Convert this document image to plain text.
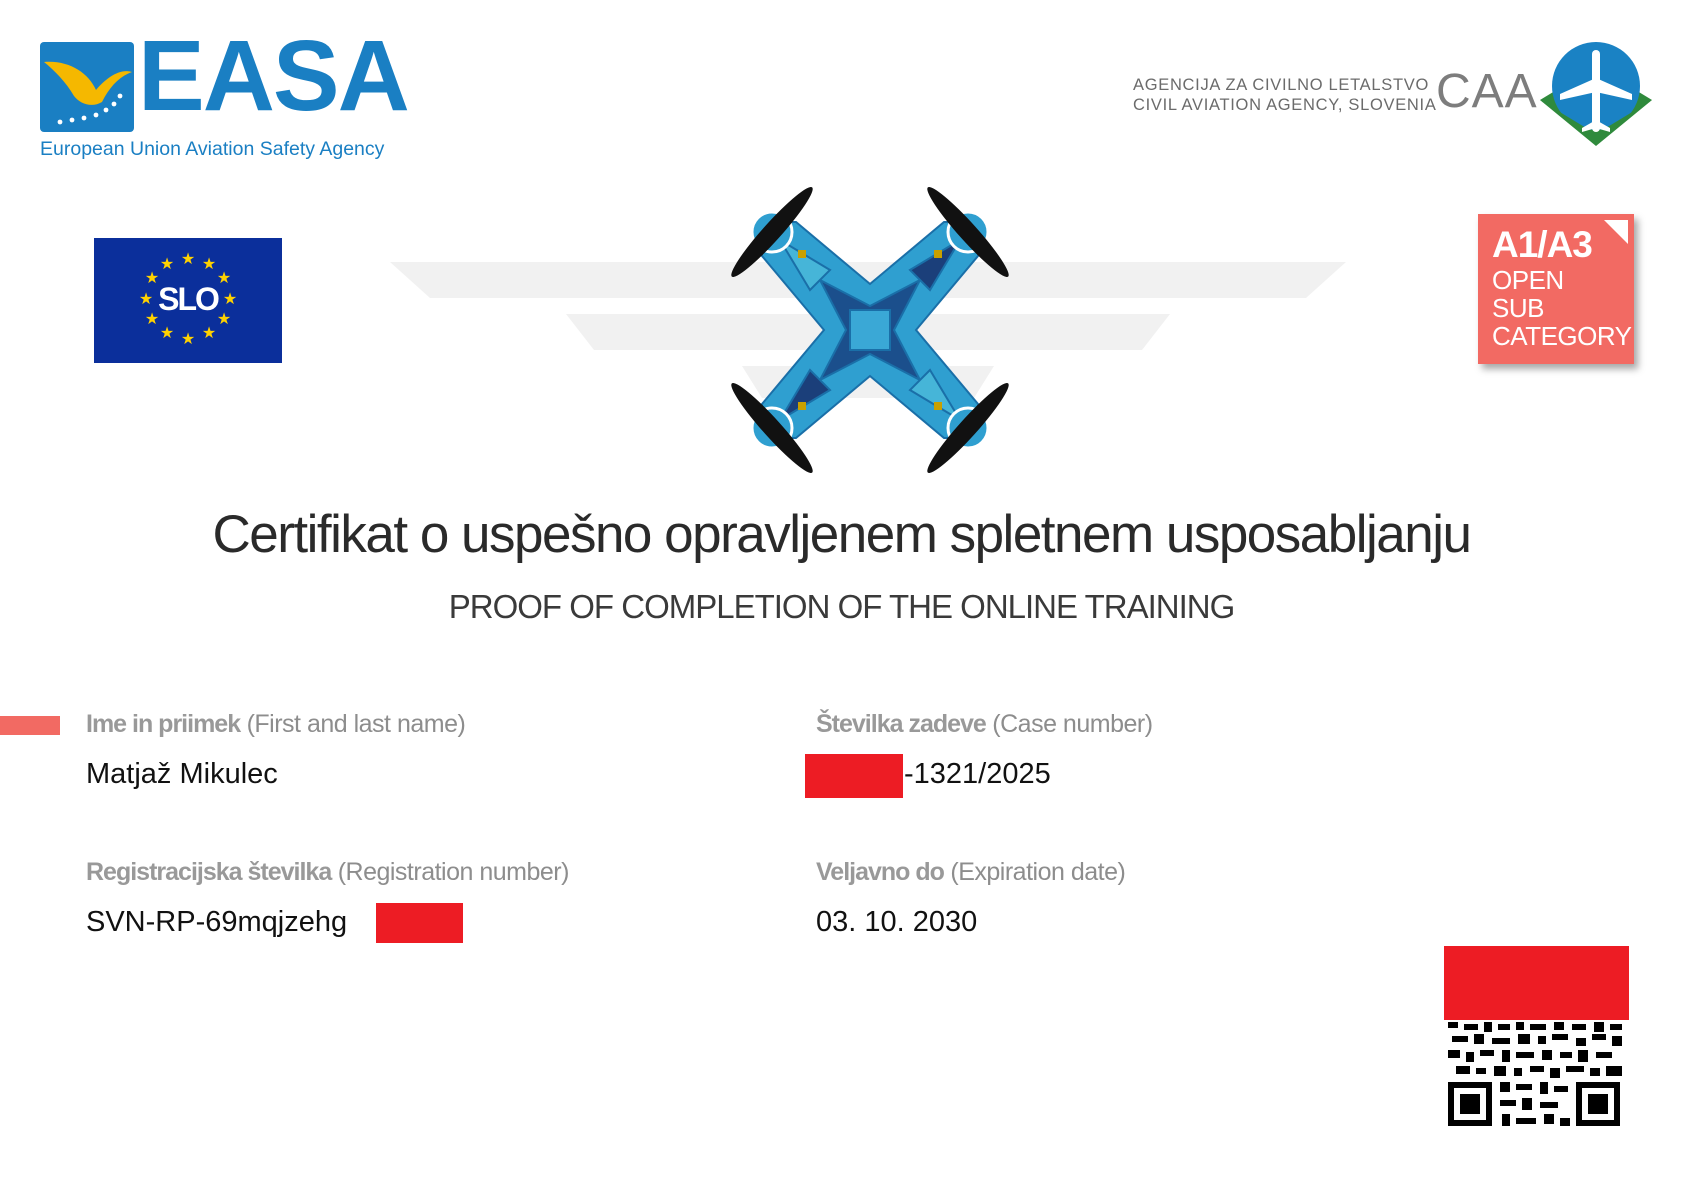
EASA
European Union Aviation Safety Agency
AGENCIJA ZA CIVILNO LETALSTVO
CIVIL AVIATION AGENCY, SLOVENIA CAA
★ ★
★
★
★
★
★
★
★
★
★
★
SLO
A1/A3
OPEN
SUB
CATEGORY
Certifikat o uspešno opravljenem spletnem usposabljanju
PROOF OF COMPLETION OF THE ONLINE TRAINING
Ime in priimek (First and last name)
Matjaž Mikulec
Številka zadeve (Case number)
-1321/2025
Registracijska številka (Registration number)
SVN-RP-69mqjzehg
Veljavno do (Expiration date)
03. 10. 2030
